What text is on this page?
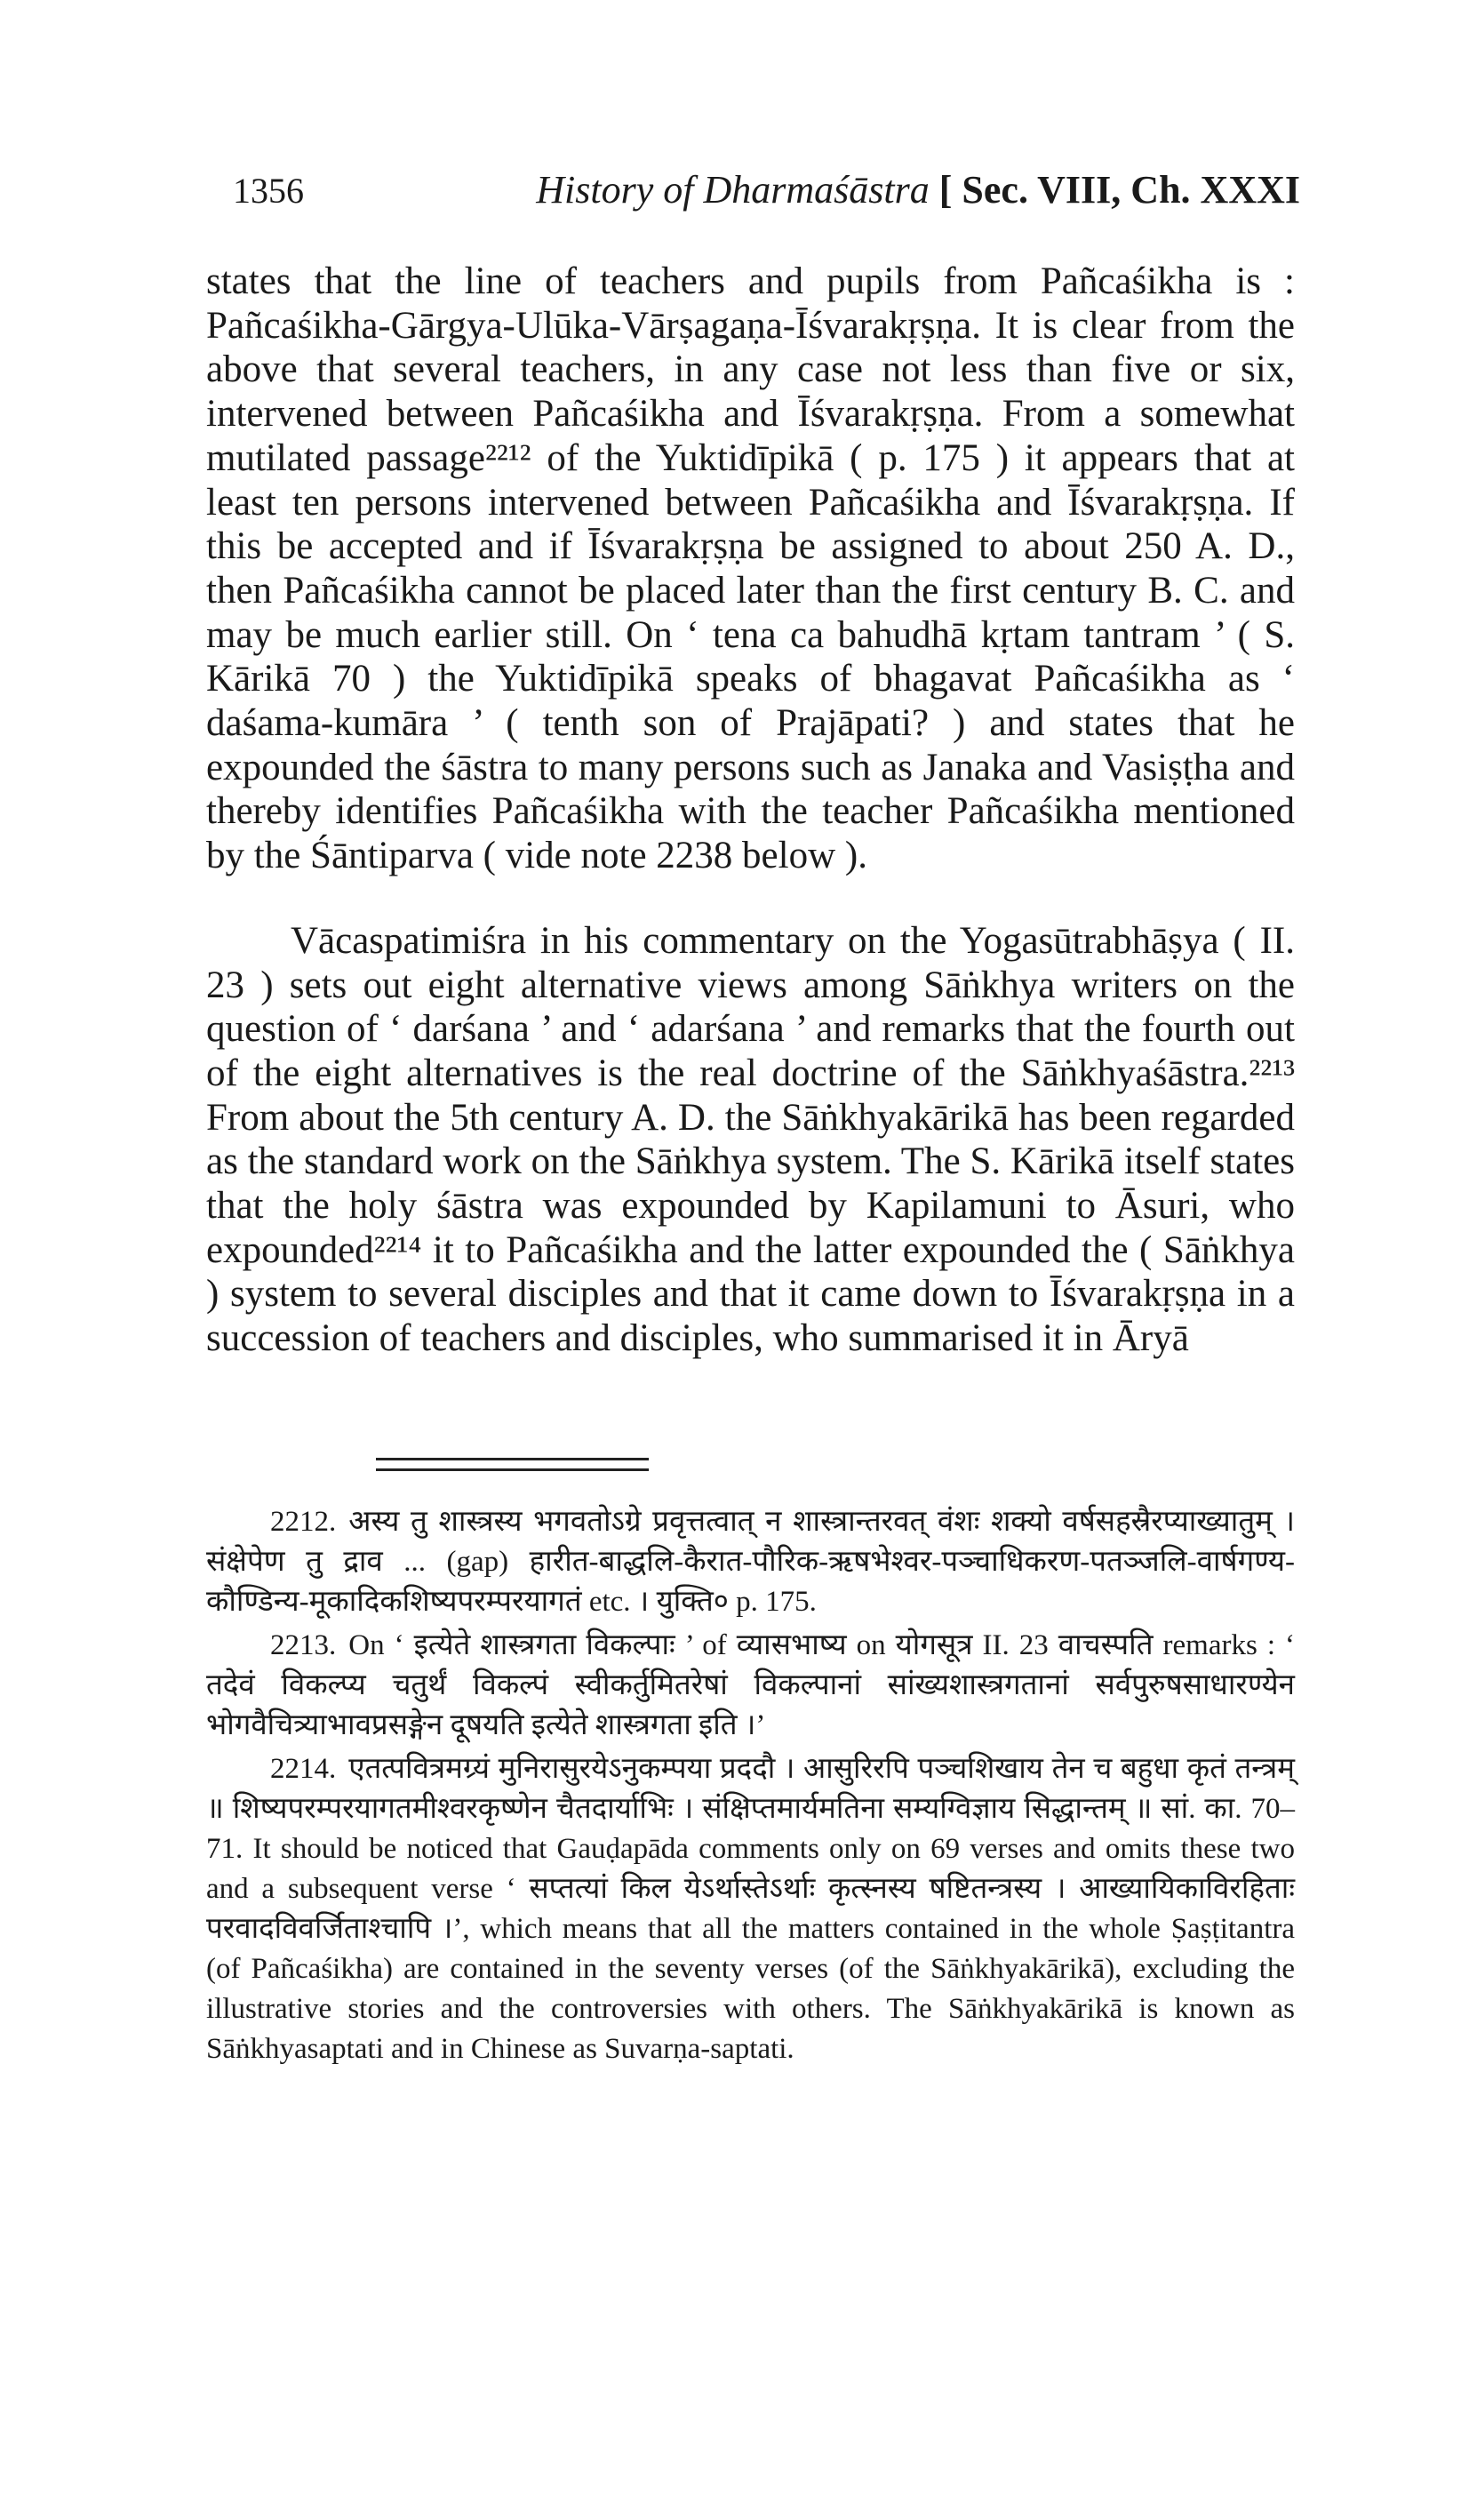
1356	History of Dharmaśāstra [ Sec. VIII, Ch. XXXI

states that the line of teachers and pupils from Pañcaśikha is : Pañcaśikha-Gārgya-Ulūka-Vārṣagaṇa-Īśvarakṛṣṇa. It is clear from the above that several teachers, in any case not less than five or six, intervened between Pañcaśikha and Īśvarakṛṣṇa. From a somewhat mutilated passage²²¹² of the Yuktidīpikā ( p. 175 ) it appears that at least ten persons intervened between Pañcaśikha and Īśvarakṛṣṇa. If this be accepted and if Īśvarakṛṣṇa be assigned to about 250 A. D., then Pañcaśikha cannot be placed later than the first century B. C. and may be much earlier still. On ‘ tena ca bahudhā kṛtam tantram ’ ( S. Kārikā 70 ) the Yuktidīpikā speaks of bhagavat Pañcaśikha as ‘ daśama-kumāra ’ ( tenth son of Prajāpati? ) and states that he expounded the śāstra to many persons such as Janaka and Vasiṣṭha and thereby identifies Pañcaśikha with the teacher Pañcaśikha mentioned by the Śāntiparva ( vide note 2238 below ).

Vācaspatimiśra in his commentary on the Yogasūtrabhāṣya ( II. 23 ) sets out eight alternative views among Sāṅkhya writers on the question of ‘ darśana ’ and ‘ adarśana ’ and remarks that the fourth out of the eight alternatives is the real doctrine of the Sāṅkhyaśāstra.²²¹³ From about the 5th century A. D. the Sāṅkhyakārikā has been regarded as the standard work on the Sāṅkhya system. The S. Kārikā itself states that the holy śāstra was expounded by Kapilamuni to Āsuri, who expounded²²¹⁴ it to Pañcaśikha and the latter expounded the ( Sāṅkhya ) system to several disciples and that it came down to Īśvarakṛṣṇa in a succession of teachers and disciples, who summarised it in Āryā

2212. अस्य तु शास्त्रस्य भगवतोऽग्रे प्रवृत्तत्वात् न शास्त्रान्तरवत् वंशः शक्यो वर्षसहस्रैरप्याख्यातुम् । संक्षेपेण तु द्राव ... (gap) हारीत-बाद्धलि-कैरात-पौरिक-ऋषभेश्वर-पञ्चाधिकरण-पतञ्जलि-वार्षगण्य-कौण्डिन्य-मूकादिकशिष्यपरम्परयागतं etc. । युक्ति० p. 175.

2213. On ‘ इत्येते शास्त्रगता विकल्पाः ’ of व्यासभाष्य on योगसूत्र II. 23 वाचस्पति remarks : ‘ तदेवं विकल्प्य चतुर्थं विकल्पं स्वीकर्तुमितरेषां विकल्पानां सांख्यशास्त्रगतानां सर्वपुरुषसाधारण्येन भोगवैचित्र्याभावप्रसङ्गेन दूषयति इत्येते शास्त्रगता इति ।’

2214. एतत्पवित्रमग्र्यं मुनिरासुरयेऽनुकम्पया प्रददौ । आसुरिरपि पञ्चशिखाय तेन च बहुधा कृतं तन्त्रम् ॥ शिष्यपरम्परयागतमीश्वरकृष्णेन चैतदार्याभिः । संक्षिप्तमार्यमतिना सम्यग्विज्ञाय सिद्धान्तम् ॥ सां. का. 70–71. It should be noticed that Gauḍapāda comments only on 69 verses and omits these two and a subsequent verse ‘ सप्तत्यां किल येऽर्थास्तेऽर्थाः कृत्स्नस्य षष्टितन्त्रस्य । आख्यायिकाविरहिताः परवादविवर्जिताश्चापि ।’, which means that all the matters contained in the whole Ṣaṣṭitantra (of Pañcaśikha) are contained in the seventy verses (of the Sāṅkhyakārikā), excluding the illustrative stories and the controversies with others. The Sāṅkhyakārikā is known as Sāṅkhyasaptati and in Chinese as Suvarṇa-saptati.
